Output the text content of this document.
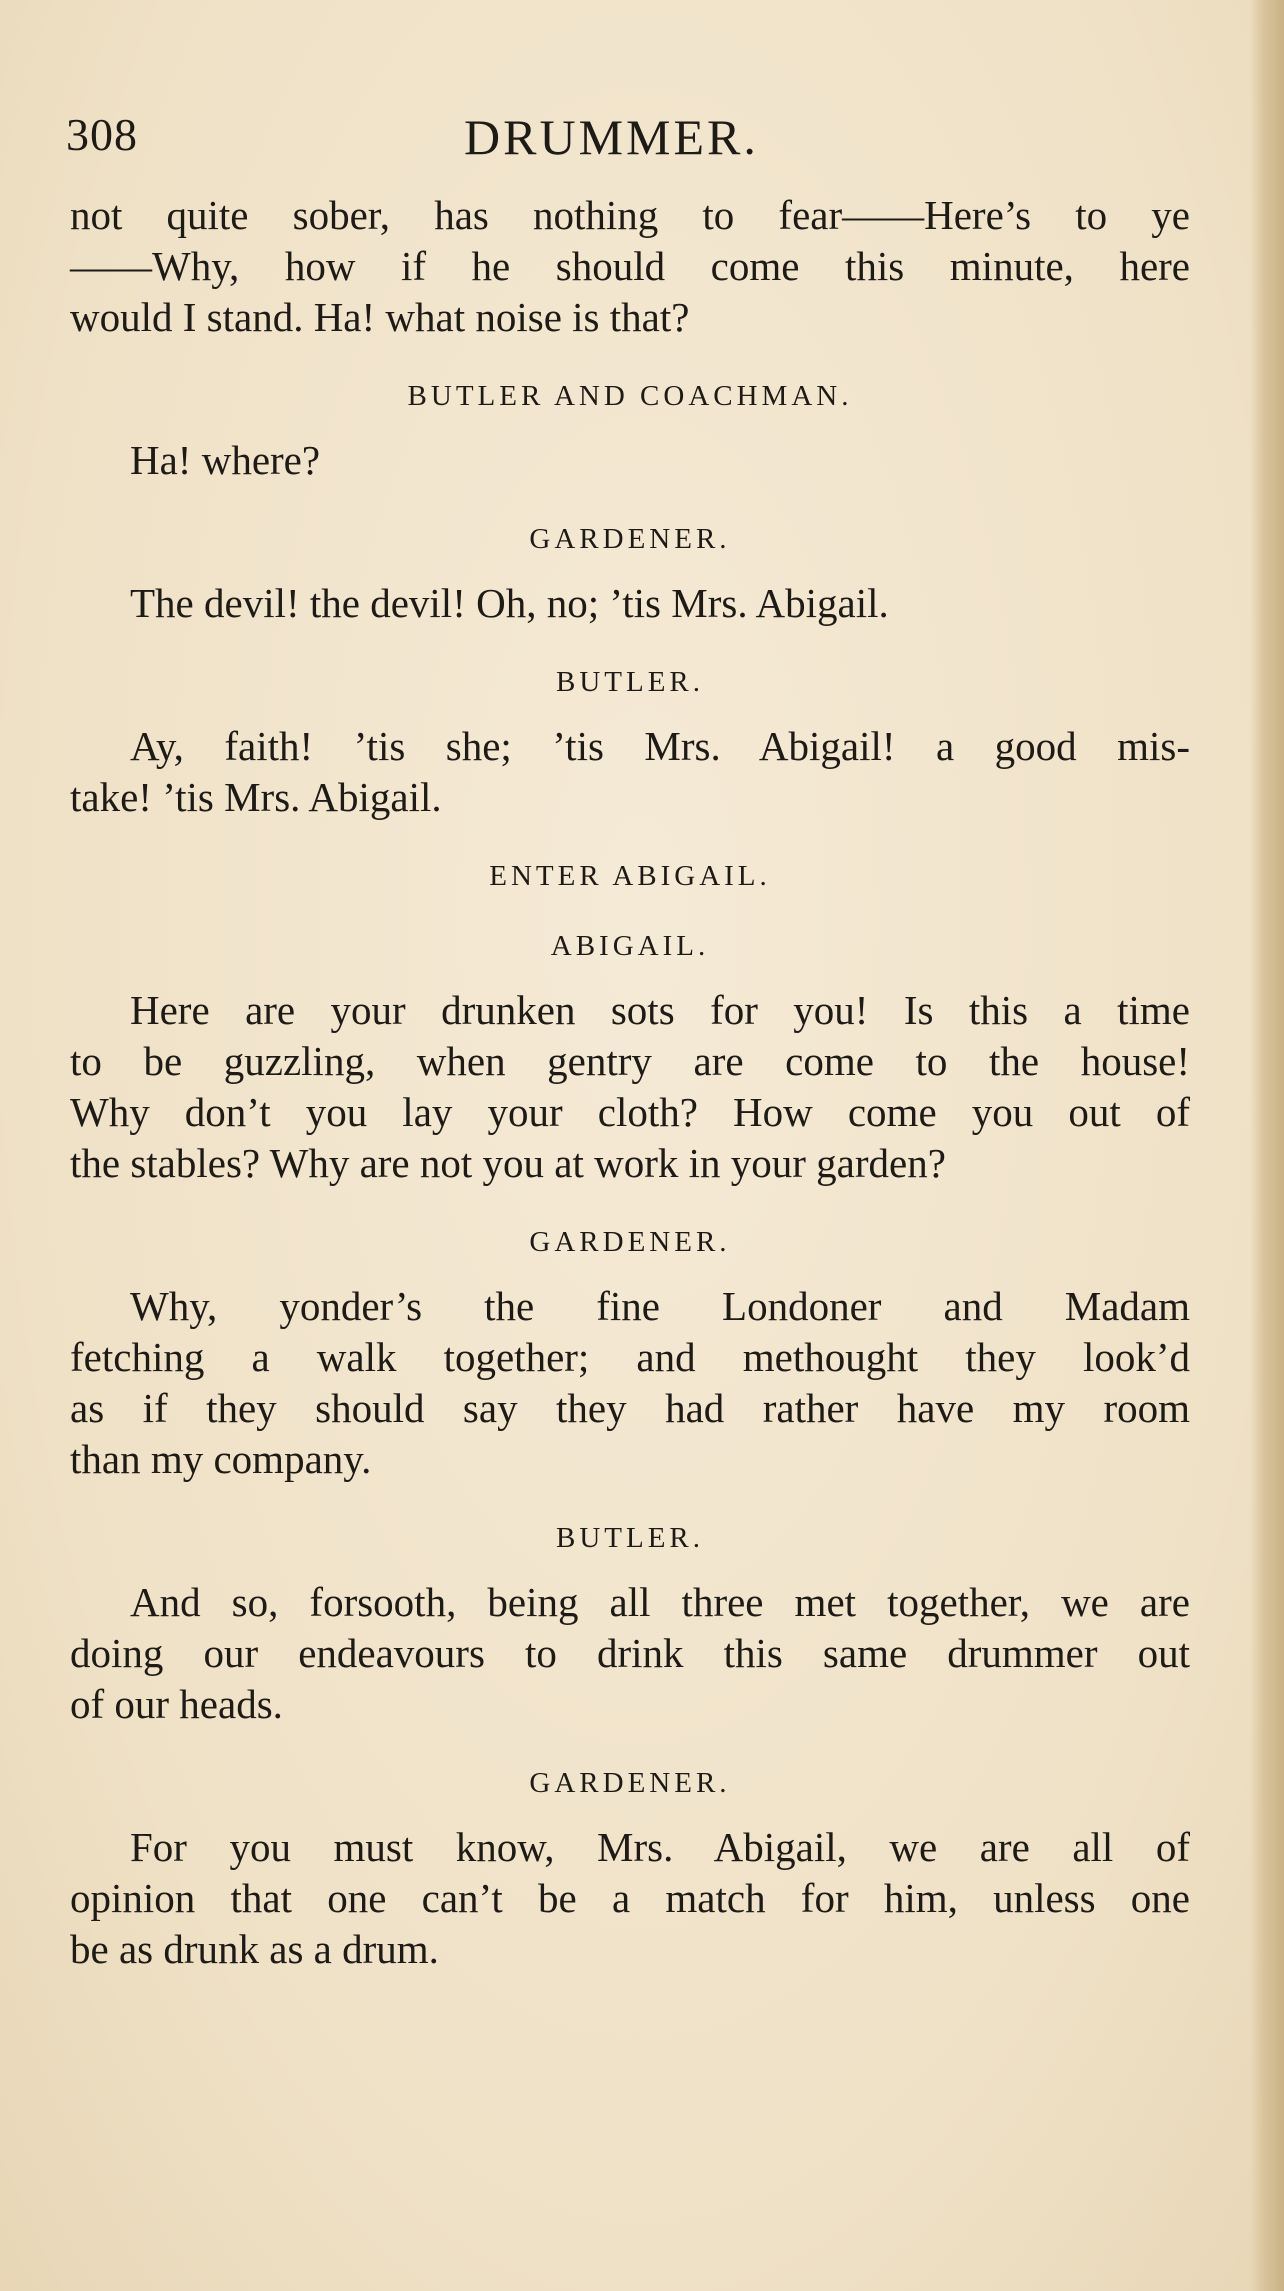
308	DRUMMER.
not quite sober, has nothing to fear——Here’s to ye
——Why, how if he should come this minute, here
would I stand. Ha! what noise is that?
BUTLER AND COACHMAN.
Ha! where?
GARDENER.
The devil! the devil! Oh, no; ’tis Mrs. Abigail.
BUTLER.
Ay, faith! ’tis she; ’tis Mrs. Abigail! a good mis-
take! ’tis Mrs. Abigail.
ENTER ABIGAIL.
ABIGAIL.
Here are your drunken sots for you! Is this a time
to be guzzling, when gentry are come to the house!
Why don’t you lay your cloth? How come you out of
the stables? Why are not you at work in your garden?
GARDENER.
Why, yonder’s the fine Londoner and Madam
fetching a walk together; and methought they look’d
as if they should say they had rather have my room
than my company.
BUTLER.
And so, forsooth, being all three met together, we are
doing our endeavours to drink this same drummer out
of our heads.
GARDENER.
For you must know, Mrs. Abigail, we are all of
opinion that one can’t be a match for him, unless one
be as drunk as a drum.
